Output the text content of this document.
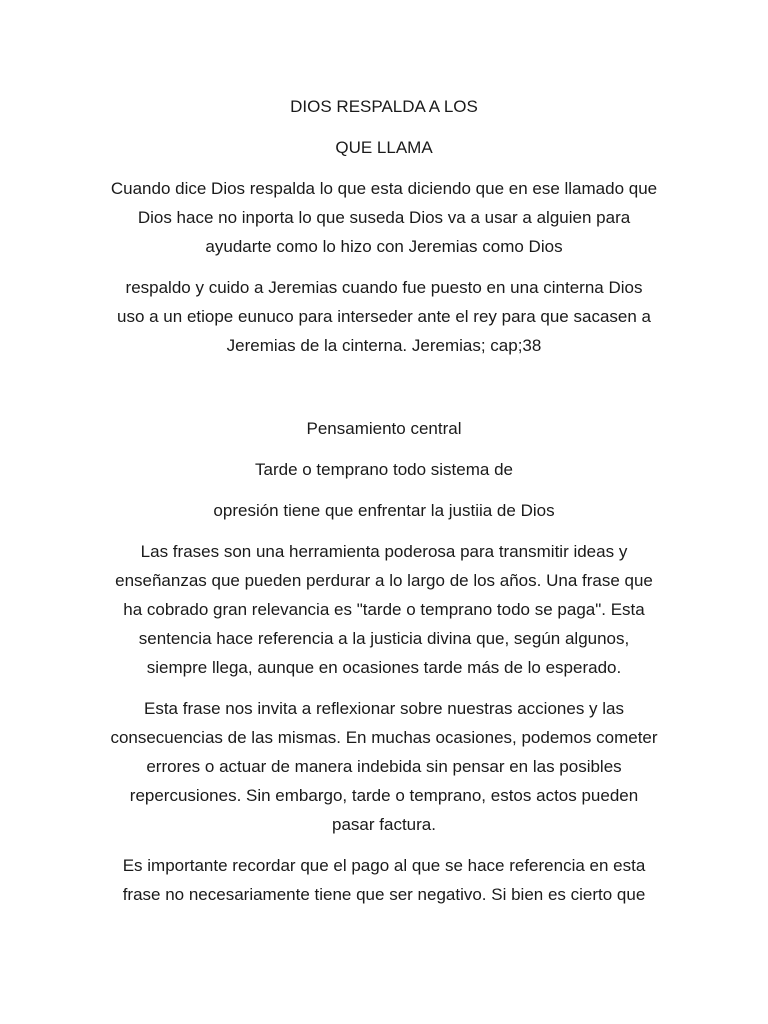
DIOS RESPALDA A LOS
QUE LLAMA
Cuando dice Dios respalda lo que esta diciendo que en ese llamado que
Dios hace no inporta lo que suseda Dios va a usar a alguien para
ayudarte como lo hizo con Jeremias como Dios
respaldo y cuido a Jeremias cuando fue puesto en una cinterna Dios
uso a un etiope eunuco para interseder ante el rey para que sacasen a
Jeremias de la cinterna. Jeremias; cap;38
Pensamiento central
Tarde o temprano todo sistema de
opresión tiene que enfrentar la justiia de Dios
Las frases son una herramienta poderosa para transmitir ideas y
enseñanzas que pueden perdurar a lo largo de los años. Una frase que
ha cobrado gran relevancia es "tarde o temprano todo se paga". Esta
sentencia hace referencia a la justicia divina que, según algunos,
siempre llega, aunque en ocasiones tarde más de lo esperado.
Esta frase nos invita a reflexionar sobre nuestras acciones y las
consecuencias de las mismas. En muchas ocasiones, podemos cometer
errores o actuar de manera indebida sin pensar en las posibles
repercusiones. Sin embargo, tarde o temprano, estos actos pueden
pasar factura.
Es importante recordar que el pago al que se hace referencia en esta
frase no necesariamente tiene que ser negativo. Si bien es cierto que
